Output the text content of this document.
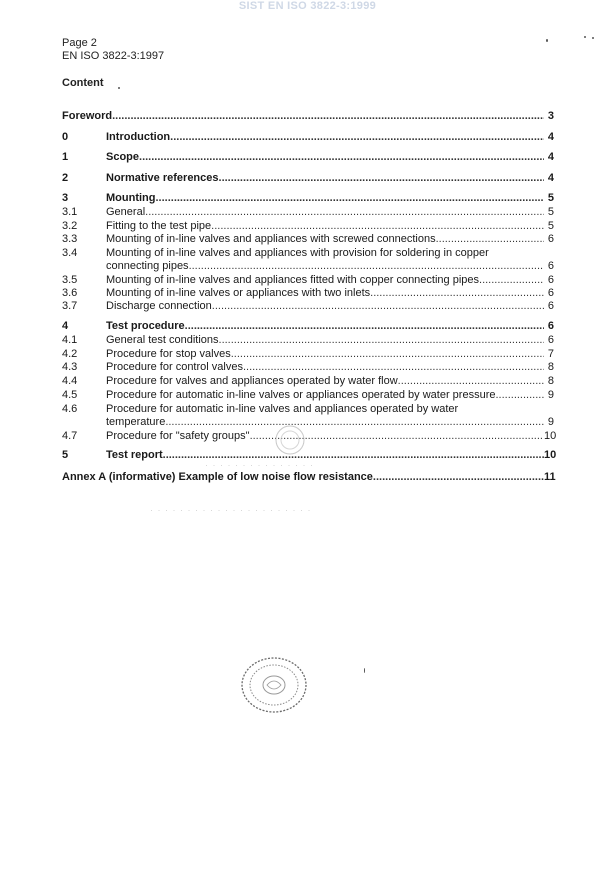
SIST EN ISO 3822-3:1999
Page 2
EN ISO 3822-3:1997
Content
Foreword .....	3
0	Introduction .....	4
1	Scope .....	4
2	Normative references .....	4
3	Mounting .....	5
3.1	General .....	5
3.2	Fitting to the test pipe .....	5
3.3	Mounting of in-line valves and appliances with screwed connections .....	6
3.4	Mounting of in-line valves and appliances with provision for soldering in copper
connecting pipes .....	6
3.5	Mounting of in-line valves and appliances fitted with copper connecting pipes .....	6
3.6	Mounting of in-line valves or appliances with two inlets .....	6
3.7	Discharge connection .....	6
4	Test procedure .....	6
4.1	General test conditions .....	6
4.2	Procedure for stop valves .....	7
4.3	Procedure for control valves .....	8
4.4	Procedure for valves and appliances operated by water flow .....	8
4.5	Procedure for automatic in-line valves or appliances operated by water pressure .....	9
4.6	Procedure for automatic in-line valves and appliances operated by water
temperature .....	9
4.7	Procedure for "safety groups" .....	10
5	Test report .....	10
Annex A (informative) Example of low noise flow resistance .....	11
· · · · · · · · · · · · · · ·
· · · · · · · · · · · · · · · · · · · · · ·
